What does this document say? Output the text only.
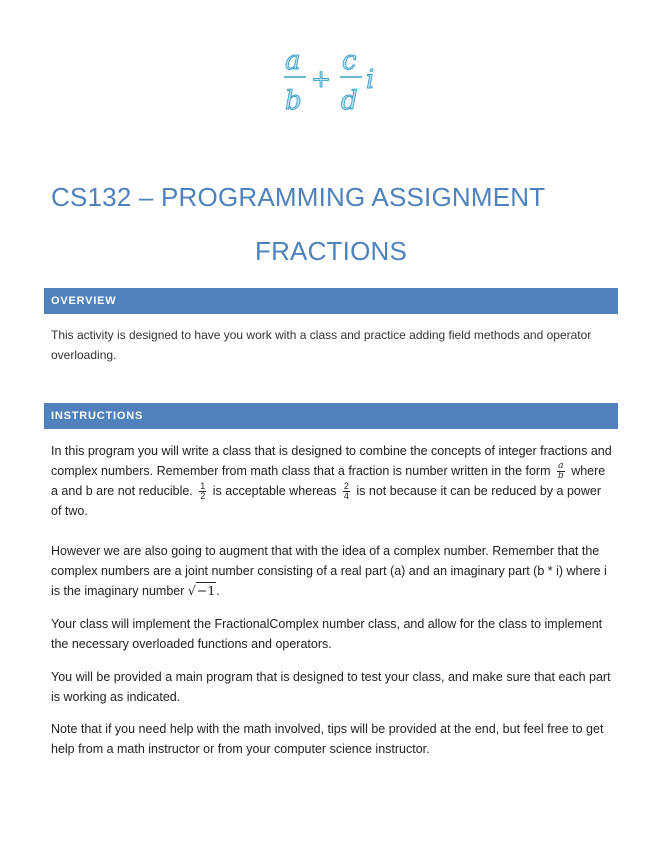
a
b
+
c
d
i
CS132 – PROGRAMMING ASSIGNMENT
FRACTIONS
OVERVIEW

This activity is designed to have you work with a class and practice adding field methods and operator overloading.

INSTRUCTIONS

In this program you will write a class that is designed to combine the concepts of integer fractions and complex numbers. Remember from math class that a fraction is number written in the form $\frac{a}{b}$ where a and b are not reducible. $\frac{1}{2}$ is acceptable whereas $\frac{2}{4}$ is not because it can be reduced by a power of two.

However we are also going to augment that with the idea of a complex number. Remember that the complex numbers are a joint number consisting of a real part (a) and an imaginary part (b * i) where i is the imaginary number √−1.

Your class will implement the FractionalComplex number class, and allow for the class to implement the necessary overloaded functions and operators.

You will be provided a main program that is designed to test your class, and make sure that each part is working as indicated.

Note that if you need help with the math involved, tips will be provided at the end, but feel free to get help from a math instructor or from your computer science instructor.
